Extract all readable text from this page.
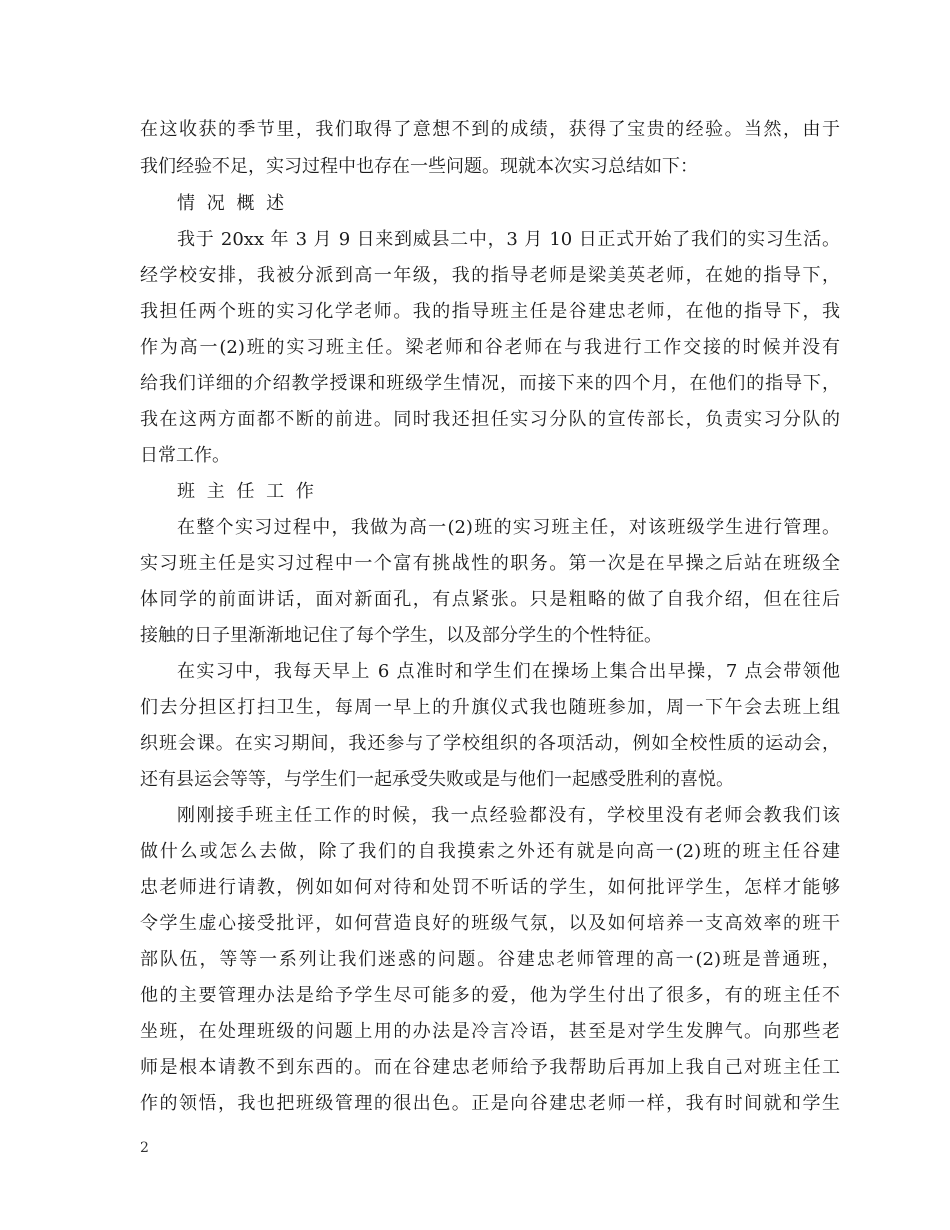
在这收获的季节里，我们取得了意想不到的成绩，获得了宝贵的经验。当然，由于
我们经验不足，实习过程中也存在一些问题。现就本次实习总结如下：
情 况 概 述
我于 20xx 年 3 月 9 日来到威县二中，3 月 10 日正式开始了我们的实习生活。
经学校安排，我被分派到高一年级，我的指导老师是梁美英老师，在她的指导下，
我担任两个班的实习化学老师。我的指导班主任是谷建忠老师，在他的指导下，我
作为高一(2)班的实习班主任。梁老师和谷老师在与我进行工作交接的时候并没有
给我们详细的介绍教学授课和班级学生情况，而接下来的四个月，在他们的指导下，
我在这两方面都不断的前进。同时我还担任实习分队的宣传部长，负责实习分队的
日常工作。
班 主 任 工 作
在整个实习过程中，我做为高一(2)班的实习班主任，对该班级学生进行管理。
实习班主任是实习过程中一个富有挑战性的职务。第一次是在早操之后站在班级全
体同学的前面讲话，面对新面孔，有点紧张。只是粗略的做了自我介绍，但在往后
接触的日子里渐渐地记住了每个学生，以及部分学生的个性特征。
在实习中，我每天早上 6 点准时和学生们在操场上集合出早操，7 点会带领他
们去分担区打扫卫生，每周一早上的升旗仪式我也随班参加，周一下午会去班上组
织班会课。在实习期间，我还参与了学校组织的各项活动，例如全校性质的运动会，
还有县运会等等，与学生们一起承受失败或是与他们一起感受胜利的喜悦。
刚刚接手班主任工作的时候，我一点经验都没有，学校里没有老师会教我们该
做什么或怎么去做，除了我们的自我摸索之外还有就是向高一(2)班的班主任谷建
忠老师进行请教，例如如何对待和处罚不听话的学生，如何批评学生，怎样才能够
令学生虚心接受批评，如何营造良好的班级气氛，以及如何培养一支高效率的班干
部队伍，等等一系列让我们迷惑的问题。谷建忠老师管理的高一(2)班是普通班，
他的主要管理办法是给予学生尽可能多的爱，他为学生付出了很多，有的班主任不
坐班，在处理班级的问题上用的办法是冷言冷语，甚至是对学生发脾气。向那些老
师是根本请教不到东西的。而在谷建忠老师给予我帮助后再加上我自己对班主任工
作的领悟，我也把班级管理的很出色。正是向谷建忠老师一样，我有时间就和学生
2
